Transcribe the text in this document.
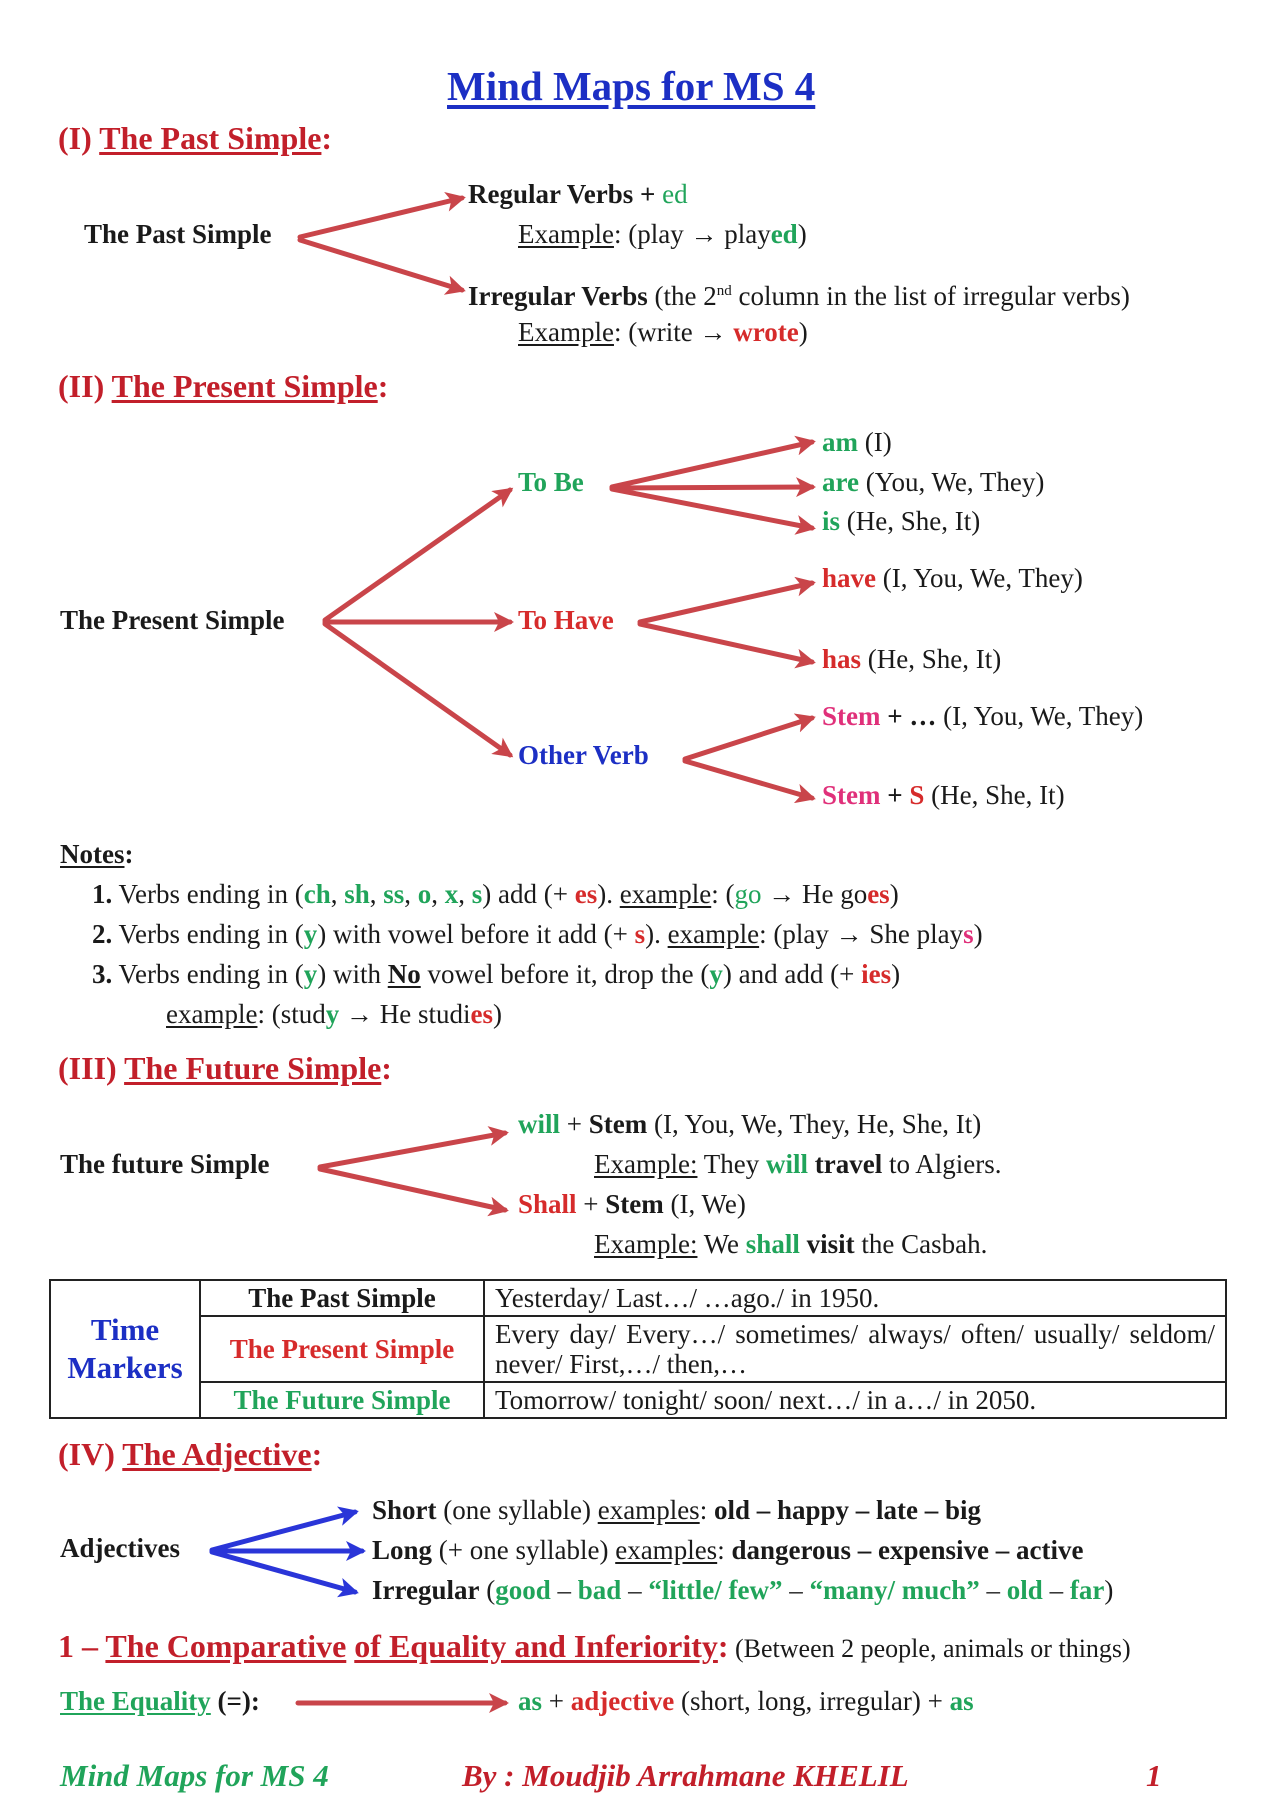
Mind Maps for MS 4
(I) The Past Simple:
The Past Simple
Regular Verbs + ed
Example: (play → played)
Irregular Verbs (the 2nd column in the list of irregular verbs)
Example: (write → wrote)
(II) The Present Simple:
The Present Simple
To Be
To Have
Other Verb
am (I)
are (You, We, They)
is (He, She, It)
have (I, You, We, They)
has (He, She, It)
Stem + … (I, You, We, They)
Stem + S (He, She, It)
Notes:
1. Verbs ending in (ch, sh, ss, o, x, s) add (+ es). example: (go → He goes)
2. Verbs ending in (y) with vowel before it add (+ s). example: (play → She plays)
3. Verbs ending in (y) with No vowel before it, drop the (y) and add (+ ies)
example: (study → He studies)
(III) The Future Simple:
The future Simple
will + Stem (I, You, We, They, He, She, It)
Example: They will travel to Algiers.
Shall + Stem (I, We)
Example: We shall visit the Casbah.
Time
Markers	The Past Simple	Yesterday/ Last…/ …ago./ in 1950.
	The Present Simple	Every day/ Every…/ sometimes/ always/ often/ usually/ seldom/ never/ First,…/ then,…
	The Future Simple	Tomorrow/ tonight/ soon/ next…/ in a…/ in 2050.
(IV) The Adjective:
Adjectives
Short (one syllable) examples: old – happy – late – big
Long (+ one syllable) examples: dangerous – expensive – active
Irregular (good – bad – “little/ few” – “many/ much” – old – far)
1 – The Comparative of Equality and Inferiority: (Between 2 people, animals or things)
The Equality (=):	as + adjective (short, long, irregular) + as
Mind Maps for MS 4	By : Moudjib Arrahmane KHELIL	1
